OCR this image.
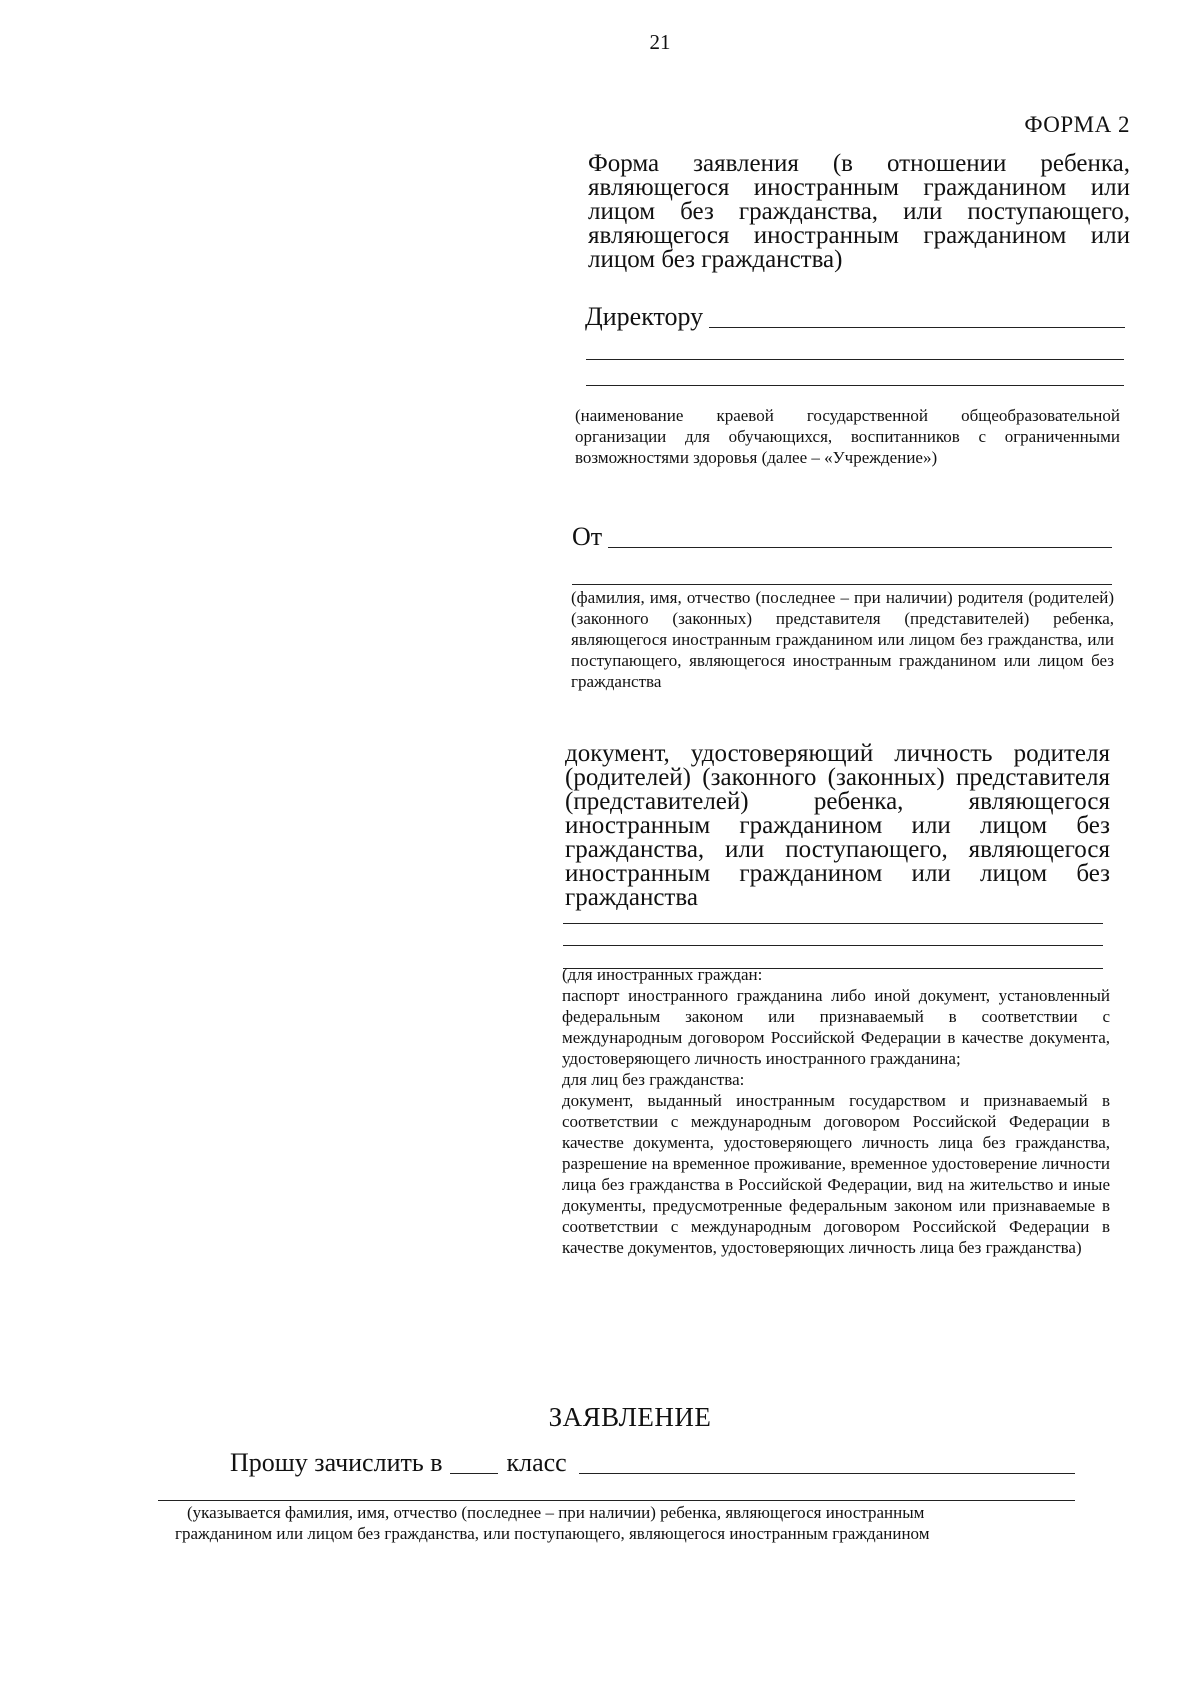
21
ФОРМА 2
Форма заявления (в отношении ребенка, являющегося иностранным гражданином или лицом без гражданства, или поступающего, являющегося иностранным гражданином или лицом без гражданства)
Директору
(наименование краевой государственной общеобразовательной организации для обучающихся, воспитанников с ограниченными возможностями здоровья (далее – «Учреждение»)
От
(фамилия, имя, отчество (последнее – при наличии) родителя (родителей) (законного (законных) представителя (представителей) ребенка, являющегося иностранным гражданином или лицом без гражданства, или поступающего, являющегося иностранным гражданином или лицом без гражданства
документ, удостоверяющий личность родителя (родителей) (законного (законных) представителя (представителей) ребенка, являющегося иностранным гражданином или лицом без гражданства, или поступающего, являющегося иностранным гражданином или лицом без гражданства
(для иностранных граждан:
паспорт иностранного гражданина либо иной документ, установленный федеральным законом или признаваемый в соответствии с международным договором Российской Федерации в качестве документа, удостоверяющего личность иностранного гражданина;
для лиц без гражданства:
документ, выданный иностранным государством и признаваемый в соответствии с международным договором Российской Федерации в качестве документа, удостоверяющего личность лица без гражданства, разрешение на временное проживание, временное удостоверение личности лица без гражданства в Российской Федерации, вид на жительство и иные документы, предусмотренные федеральным законом или признаваемые в соответствии с международным договором Российской Федерации в качестве документов, удостоверяющих личность лица без гражданства)
ЗАЯВЛЕНИЕ
Прошу зачислить в класс

(указывается фамилия, имя, отчество (последнее – при наличии) ребенка, являющегося иностранным

гражданином или лицом без гражданства, или поступающего, являющегося иностранным гражданином
